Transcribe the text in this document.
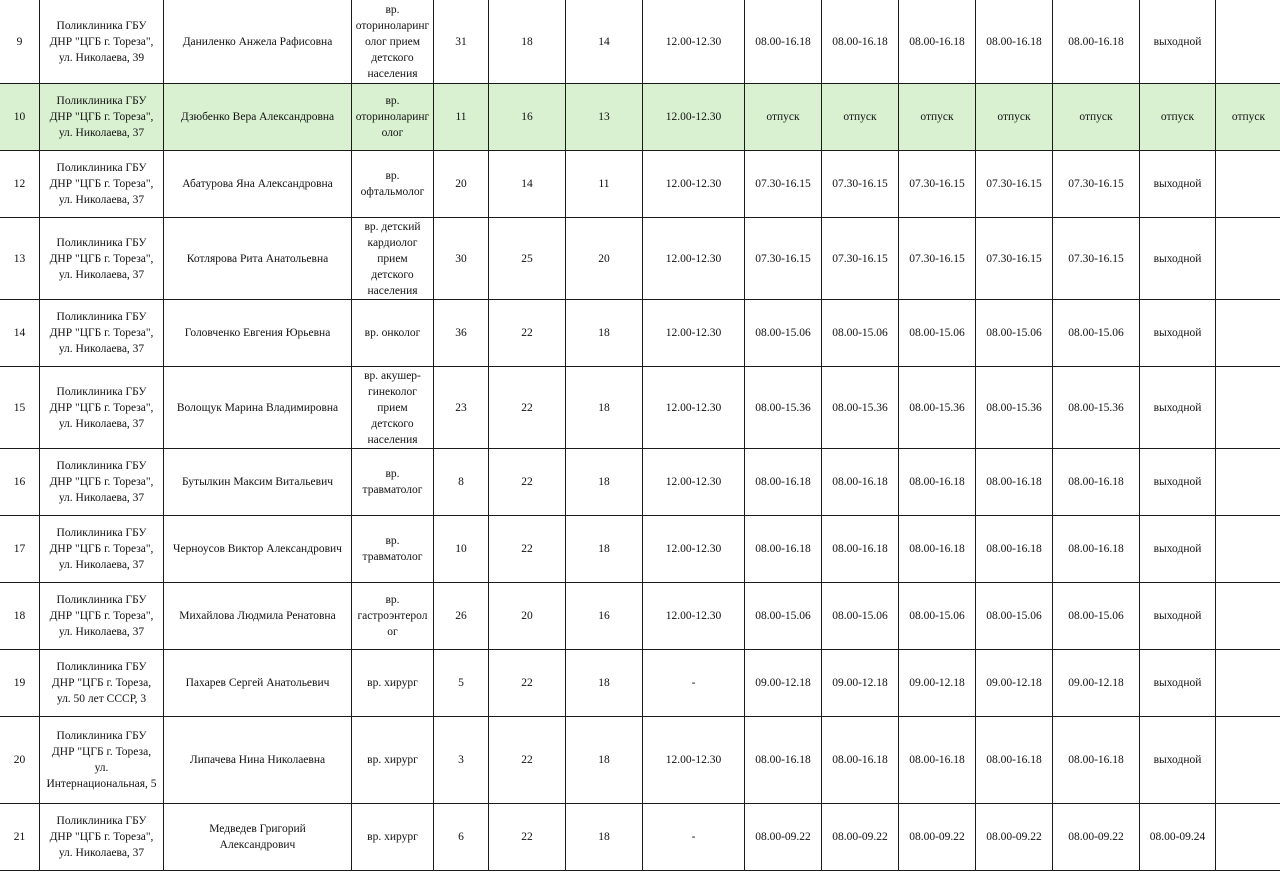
9	Поликлиника ГБУ
ДНР "ЦГБ г. Тореза",
ул. Николаева, 39	Даниленко Анжела Рафисовна	вр.
оториноларинг
олог прием
детского
населения	31	18	14	12.00-12.30	08.00-16.18	08.00-16.18	08.00-16.18	08.00-16.18	08.00-16.18	выходной	
10	Поликлиника ГБУ
ДНР "ЦГБ г. Тореза",
ул. Николаева, 37	Дзюбенко Вера Александровна	вр.
оториноларинг
олог	11	16	13	12.00-12.30	отпуск	отпуск	отпуск	отпуск	отпуск	отпуск	отпуск
12	Поликлиника ГБУ
ДНР "ЦГБ г. Тореза",
ул. Николаева, 37	Абатурова Яна Александровна	вр.
офтальмолог	20	14	11	12.00-12.30	07.30-16.15	07.30-16.15	07.30-16.15	07.30-16.15	07.30-16.15	выходной	
13	Поликлиника ГБУ
ДНР "ЦГБ г. Тореза",
ул. Николаева, 37	Котлярова Рита Анатольевна	вр. детский
кардиолог
прием
детского
населения	30	25	20	12.00-12.30	07.30-16.15	07.30-16.15	07.30-16.15	07.30-16.15	07.30-16.15	выходной	
14	Поликлиника ГБУ
ДНР "ЦГБ г. Тореза",
ул. Николаева, 37	Головченко Евгения Юрьевна	вр. онколог	36	22	18	12.00-12.30	08.00-15.06	08.00-15.06	08.00-15.06	08.00-15.06	08.00-15.06	выходной	
15	Поликлиника ГБУ
ДНР "ЦГБ г. Тореза",
ул. Николаева, 37	Волощук Марина Владимировна	вр. акушер-
гинеколог
прием
детского
населения	23	22	18	12.00-12.30	08.00-15.36	08.00-15.36	08.00-15.36	08.00-15.36	08.00-15.36	выходной	
16	Поликлиника ГБУ
ДНР "ЦГБ г. Тореза",
ул. Николаева, 37	Бутылкин Максим Витальевич	вр.
травматолог	8	22	18	12.00-12.30	08.00-16.18	08.00-16.18	08.00-16.18	08.00-16.18	08.00-16.18	выходной	
17	Поликлиника ГБУ
ДНР "ЦГБ г. Тореза",
ул. Николаева, 37	Черноусов Виктор Александрович	вр.
травматолог	10	22	18	12.00-12.30	08.00-16.18	08.00-16.18	08.00-16.18	08.00-16.18	08.00-16.18	выходной	
18	Поликлиника ГБУ
ДНР "ЦГБ г. Тореза",
ул. Николаева, 37	Михайлова Людмила Ренатовна	вр.
гастроэнтерол
ог	26	20	16	12.00-12.30	08.00-15.06	08.00-15.06	08.00-15.06	08.00-15.06	08.00-15.06	выходной	
19	Поликлиника ГБУ
ДНР "ЦГБ г. Тореза,
ул. 50 лет СССР, 3	Пахарев Сергей Анатольевич	вр. хирург	5	22	18	-	09.00-12.18	09.00-12.18	09.00-12.18	09.00-12.18	09.00-12.18	выходной	
20	Поликлиника ГБУ
ДНР "ЦГБ г. Тореза,
ул.
Интернациональная, 5	Липачева Нина Николаевна	вр. хирург	3	22	18	12.00-12.30	08.00-16.18	08.00-16.18	08.00-16.18	08.00-16.18	08.00-16.18	выходной	
21	Поликлиника ГБУ
ДНР "ЦГБ г. Тореза",
ул. Николаева, 37	Медведев Григорий
Александрович	вр. хирург	6	22	18	-	08.00-09.22	08.00-09.22	08.00-09.22	08.00-09.22	08.00-09.22	08.00-09.24	
